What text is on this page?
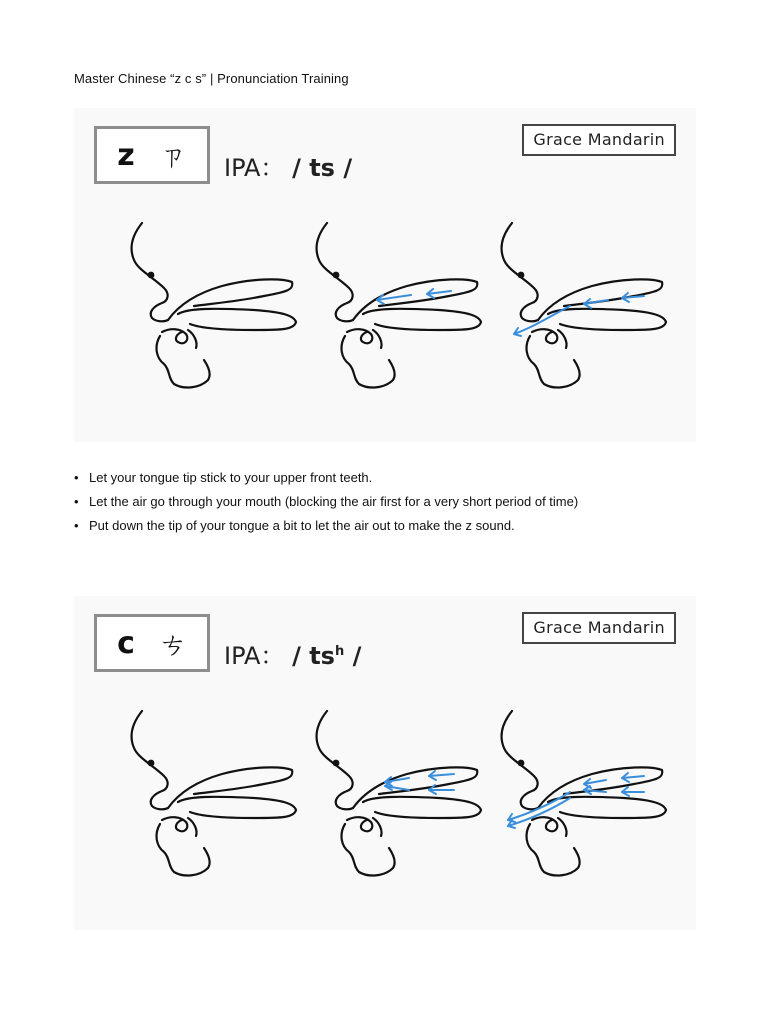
Master Chinese “z c s” | Pronunciation Training
z ㄗ IPA： / ts /
Grace Mandarin
• Let your tongue tip stick to your upper front teeth.
• Let the air go through your mouth (blocking the air first for a very short period of time)
• Put down the tip of your tongue a bit to let the air out to make the z sound.
c ㄘ IPA： / $ts^h$ /
Grace Mandarin
